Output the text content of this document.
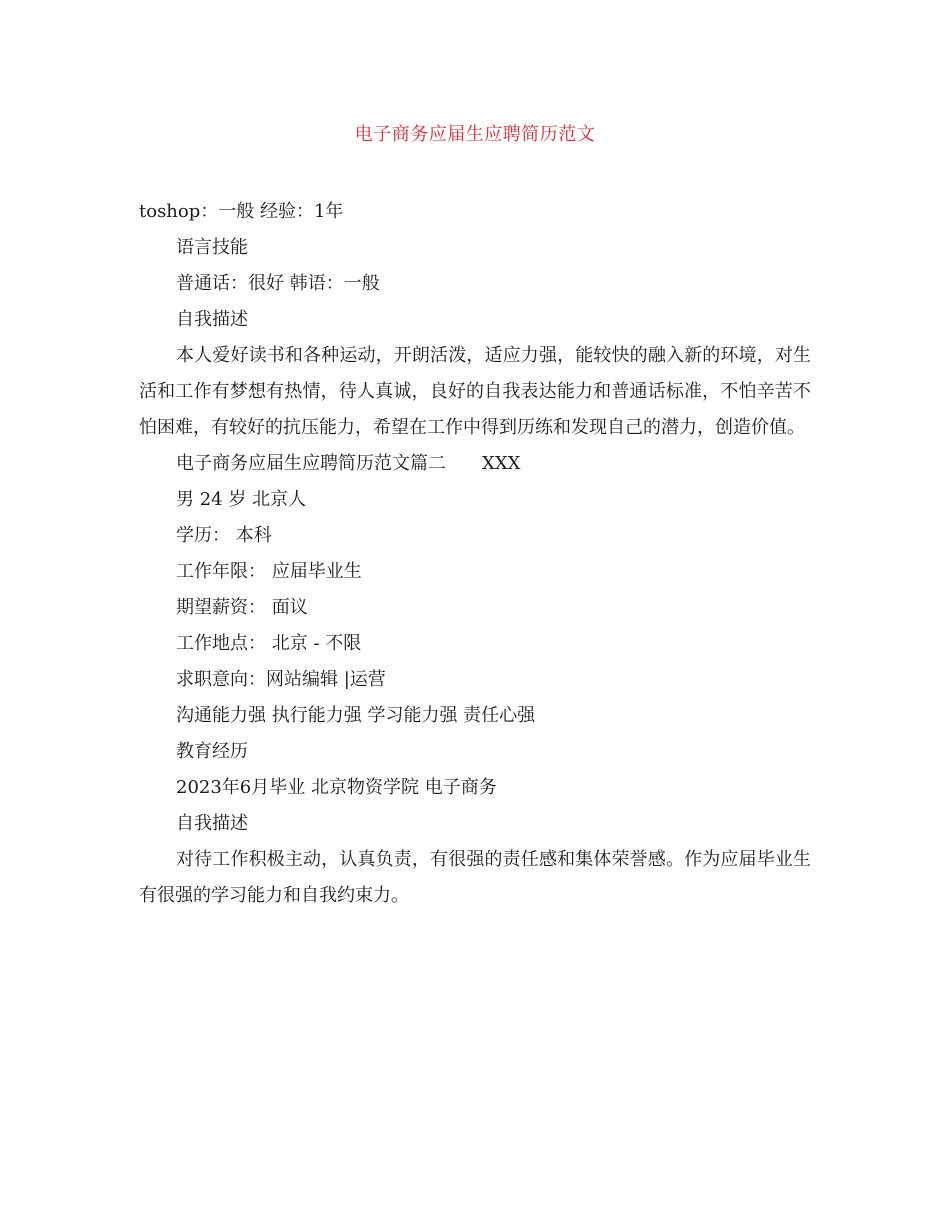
电子商务应届生应聘简历范文
toshop：一般 经验：1年
语言技能
普通话：很好 韩语：一般
自我描述
本人爱好读书和各种运动，开朗活泼，适应力强，能较快的融入新的环境，对生活和工作有梦想有热情，待人真诚，良好的自我表达能力和普通话标准，不怕辛苦不怕困难，有较好的抗压能力，希望在工作中得到历练和发现自己的潜力，创造价值。
电子商务应届生应聘简历范文篇二 XXX
男 24 岁 北京人
学历： 本科
工作年限： 应届毕业生
期望薪资： 面议
工作地点： 北京 - 不限
求职意向：网站编辑 |运营
沟通能力强 执行能力强 学习能力强 责任心强
教育经历
2023年6月毕业 北京物资学院 电子商务
自我描述
对待工作积极主动，认真负责，有很强的责任感和集体荣誉感。作为应届毕业生有很强的学习能力和自我约束力。
